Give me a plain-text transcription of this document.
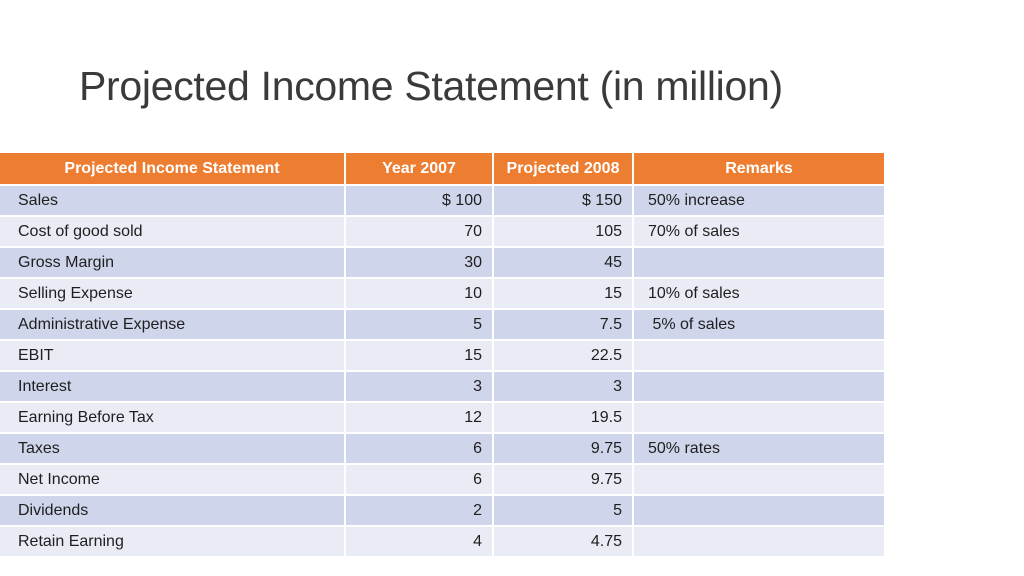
Projected Income Statement (in million)
Projected Income Statement	Year 2007	Projected 2008	Remarks
Sales	$ 100	$ 150	50% increase
Cost of good sold	70	105	70% of sales
Gross Margin	30	45	
Selling Expense	10	15	10% of sales
Administrative Expense	5	7.5	5% of sales
EBIT	15	22.5	
Interest	3	3	
Earning Before Tax	12	19.5	
Taxes	6	9.75	50% rates
Net Income	6	9.75	
Dividends	2	5	
Retain Earning	4	4.75	
